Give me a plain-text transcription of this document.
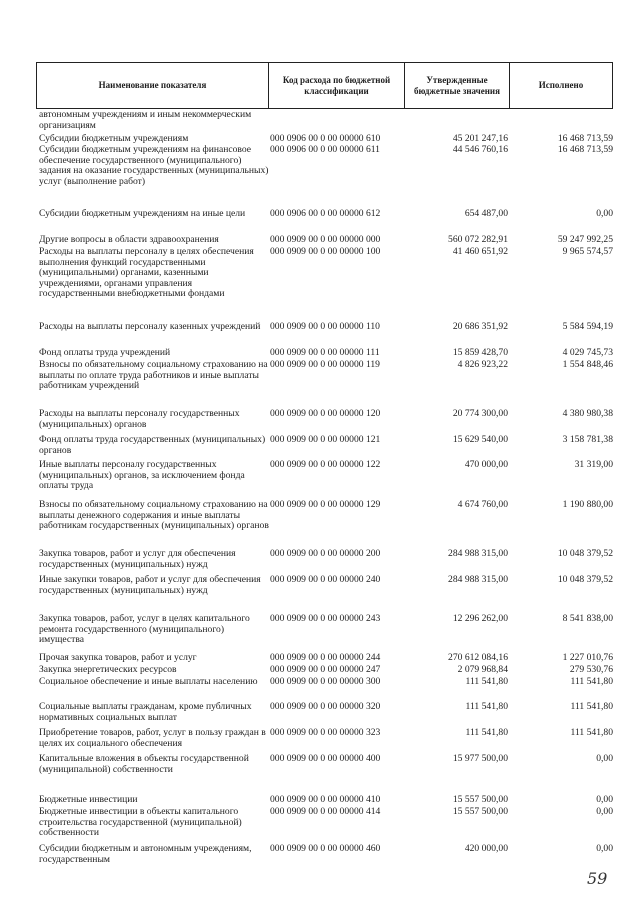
Наименование показателя
Код расхода по бюджетной классификации
Утвержденные бюджетные значения
Исполнено
автономным учреждениям и иным некоммерческим организациям
Субсидии бюджетным учреждениям	000 0906 00 0 00 00000 610	45 201 247,16	16 468 713,59
Субсидии бюджетным учреждениям на финансовое обеспечение государственного (муниципального) задания на оказание государственных (муниципальных) услуг (выполнение работ)
000 0906 00 0 00 00000 611	44 546 760,16	16 468 713,59
Субсидии бюджетным учреждениям на иные цели	000 0906 00 0 00 00000 612	654 487,00	0,00
Другие вопросы в области здравоохранения	000 0909 00 0 00 00000 000	560 072 282,91	59 247 992,25
Расходы на выплаты персоналу в целях обеспечения выполнения функций государственными (муниципальными) органами, казенными учреждениями, органами управления государственными внебюджетными фондами
000 0909 00 0 00 00000 100	41 460 651,92	9 965 574,57
Расходы на выплаты персоналу казенных учреждений 000 0909 00 0 00 00000 110	20 686 351,92	5 584 594,19
Фонд оплаты труда учреждений	000 0909 00 0 00 00000 111	15 859 428,70	4 029 745,73
Взносы по обязательному социальному страхованию на выплаты по оплате труда работников и иные выплаты работникам учреждений
000 0909 00 0 00 00000 119	4 826 923,22	1 554 848,46
Расходы на выплаты персоналу государственных (муниципальных) органов
000 0909 00 0 00 00000 120	20 774 300,00	4 380 980,38
Фонд оплаты труда государственных (муниципальных) органов
000 0909 00 0 00 00000 121	15 629 540,00	3 158 781,38
Иные выплаты персоналу государственных (муниципальных) органов, за исключением фонда оплаты труда
000 0909 00 0 00 00000 122	470 000,00	31 319,00
Взносы по обязательному социальному страхованию на выплаты денежного содержания и иные выплаты работникам государственных (муниципальных) органов
000 0909 00 0 00 00000 129	4 674 760,00	1 190 880,00
Закупка товаров, работ и услуг для обеспечения государственных (муниципальных) нужд
000 0909 00 0 00 00000 200	284 988 315,00	10 048 379,52
Иные закупки товаров, работ и услуг для обеспечения государственных (муниципальных) нужд
000 0909 00 0 00 00000 240	284 988 315,00	10 048 379,52
Закупка товаров, работ, услуг в целях капитального ремонта государственного (муниципального) имущества
000 0909 00 0 00 00000 243	12 296 262,00	8 541 838,00
Прочая закупка товаров, работ и услуг	000 0909 00 0 00 00000 244	270 612 084,16	1 227 010,76
Закупка энергетических ресурсов	000 0909 00 0 00 00000 247	2 079 968,84	279 530,76
Социальное обеспечение и иные выплаты населению	000 0909 00 0 00 00000 300	111 541,80	111 541,80
Социальные выплаты гражданам, кроме публичных нормативных социальных выплат
000 0909 00 0 00 00000 320	111 541,80	111 541,80
Приобретение товаров, работ, услуг в пользу граждан в целях их социального обеспечения
000 0909 00 0 00 00000 323	111 541,80	111 541,80
Капитальные вложения в объекты государственной (муниципальной) собственности
000 0909 00 0 00 00000 400	15 977 500,00	0,00
Бюджетные инвестиции	000 0909 00 0 00 00000 410	15 557 500,00	0,00
Бюджетные инвестиции в объекты капитального строительства государственной (муниципальной) собственности
000 0909 00 0 00 00000 414	15 557 500,00	0,00
Субсидии бюджетным и автономным учреждениям, государственным
000 0909 00 0 00 00000 460	420 000,00	0,00
59
